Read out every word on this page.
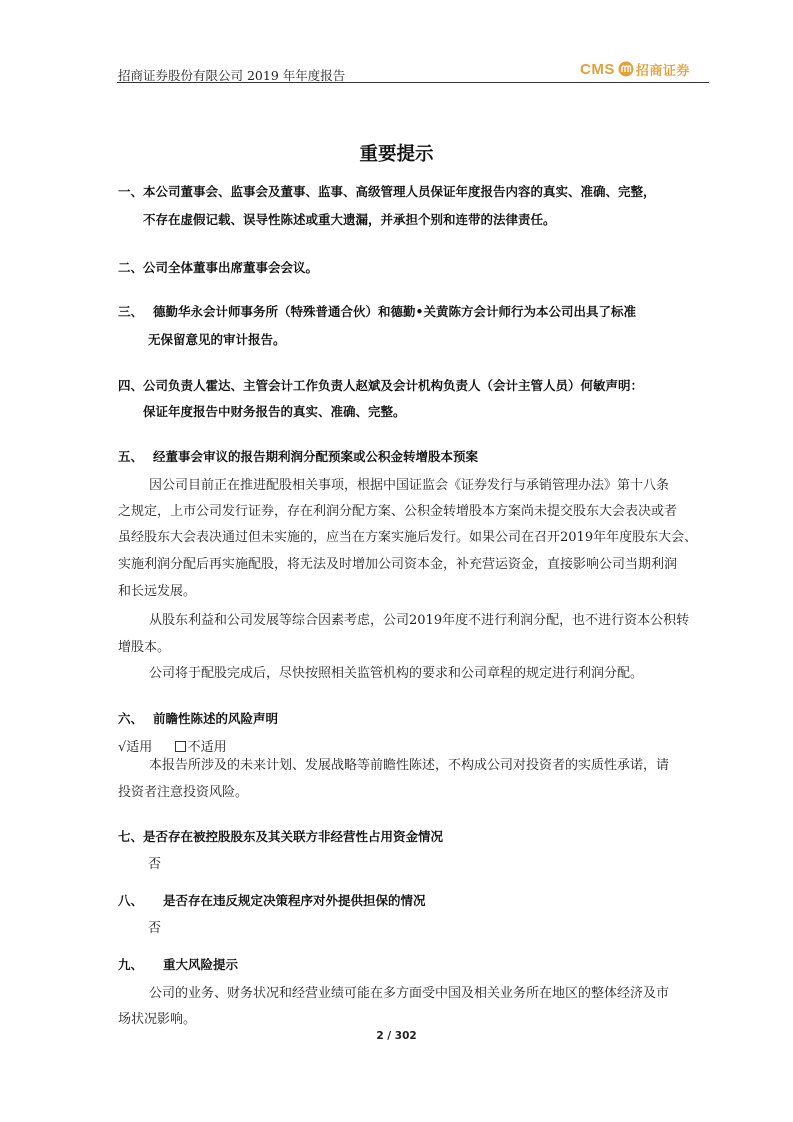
招商证券股份有限公司 2019 年年度报告	CMS 招商证券
重要提示
一、本公司董事会、监事会及董事、监事、高级管理人员保证年度报告内容的真实、准确、完整，
不存在虚假记载、误导性陈述或重大遗漏，并承担个别和连带的法律责任。
二、公司全体董事出席董事会会议。
三、 德勤华永会计师事务所（特殊普通合伙）和德勤•关黄陈方会计师行为本公司出具了标准
无保留意见的审计报告。
四、公司负责人霍达、主管会计工作负责人赵斌及会计机构负责人（会计主管人员）何敏声明：
保证年度报告中财务报告的真实、准确、完整。
五、 经董事会审议的报告期利润分配预案或公积金转增股本预案
因公司目前正在推进配股相关事项，根据中国证监会《证券发行与承销管理办法》第十八条
之规定，上市公司发行证券，存在利润分配方案、公积金转增股本方案尚未提交股东大会表决或者
虽经股东大会表决通过但未实施的，应当在方案实施后发行。如果公司在召开2019年年度股东大会、
实施利润分配后再实施配股，将无法及时增加公司资本金，补充营运资金，直接影响公司当期利润
和长远发展。
从股东利益和公司发展等综合因素考虑，公司2019年度不进行利润分配，也不进行资本公积转
增股本。
公司将于配股完成后，尽快按照相关监管机构的要求和公司章程的规定进行利润分配。
六、 前瞻性陈述的风险声明
√适用	不适用
本报告所涉及的未来计划、发展战略等前瞻性陈述，不构成公司对投资者的实质性承诺，请
投资者注意投资风险。
七、是否存在被控股股东及其关联方非经营性占用资金情况
否
八、 是否存在违反规定决策程序对外提供担保的情况
否
九、 重大风险提示
公司的业务、财务状况和经营业绩可能在多方面受中国及相关业务所在地区的整体经济及市
场状况影响。
2 / 302
